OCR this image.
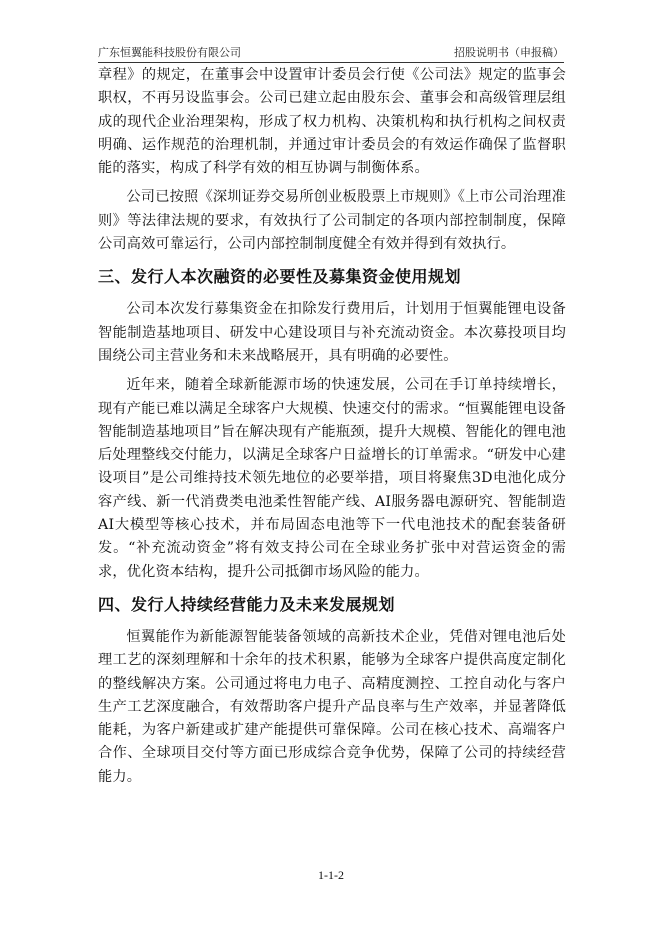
广东恒翼能科技股份有限公司	招股说明书（申报稿）

章程》的规定，在董事会中设置审计委员会行使《公司法》规定的监事会职权，不再另设监事会。公司已建立起由股东会、董事会和高级管理层组成的现代企业治理架构，形成了权力机构、决策机构和执行机构之间权责明确、运作规范的治理机制，并通过审计委员会的有效运作确保了监督职能的落实，构成了科学有效的相互协调与制衡体系。

公司已按照《深圳证券交易所创业板股票上市规则》《上市公司治理准则》等法律法规的要求，有效执行了公司制定的各项内部控制制度，保障公司高效可靠运行，公司内部控制制度健全有效并得到有效执行。

三、发行人本次融资的必要性及募集资金使用规划

公司本次发行募集资金在扣除发行费用后，计划用于恒翼能锂电设备智能制造基地项目、研发中心建设项目与补充流动资金。本次募投项目均围绕公司主营业务和未来战略展开，具有明确的必要性。

近年来，随着全球新能源市场的快速发展，公司在手订单持续增长，现有产能已难以满足全球客户大规模、快速交付的需求。“恒翼能锂电设备智能制造基地项目”旨在解决现有产能瓶颈，提升大规模、智能化的锂电池后处理整线交付能力，以满足全球客户日益增长的订单需求。“研发中心建设项目”是公司维持技术领先地位的必要举措，项目将聚焦3D电池化成分容产线、新一代消费类电池柔性智能产线、AI服务器电源研究、智能制造AI大模型等核心技术，并布局固态电池等下一代电池技术的配套装备研发。“补充流动资金”将有效支持公司在全球业务扩张中对营运资金的需求，优化资本结构，提升公司抵御市场风险的能力。

四、发行人持续经营能力及未来发展规划

恒翼能作为新能源智能装备领域的高新技术企业，凭借对锂电池后处理工艺的深刻理解和十余年的技术积累，能够为全球客户提供高度定制化的整线解决方案。公司通过将电力电子、高精度测控、工控自动化与客户生产工艺深度融合，有效帮助客户提升产品良率与生产效率，并显著降低能耗，为客户新建或扩建产能提供可靠保障。公司在核心技术、高端客户合作、全球项目交付等方面已形成综合竞争优势，保障了公司的持续经营能力。

1-1-2
